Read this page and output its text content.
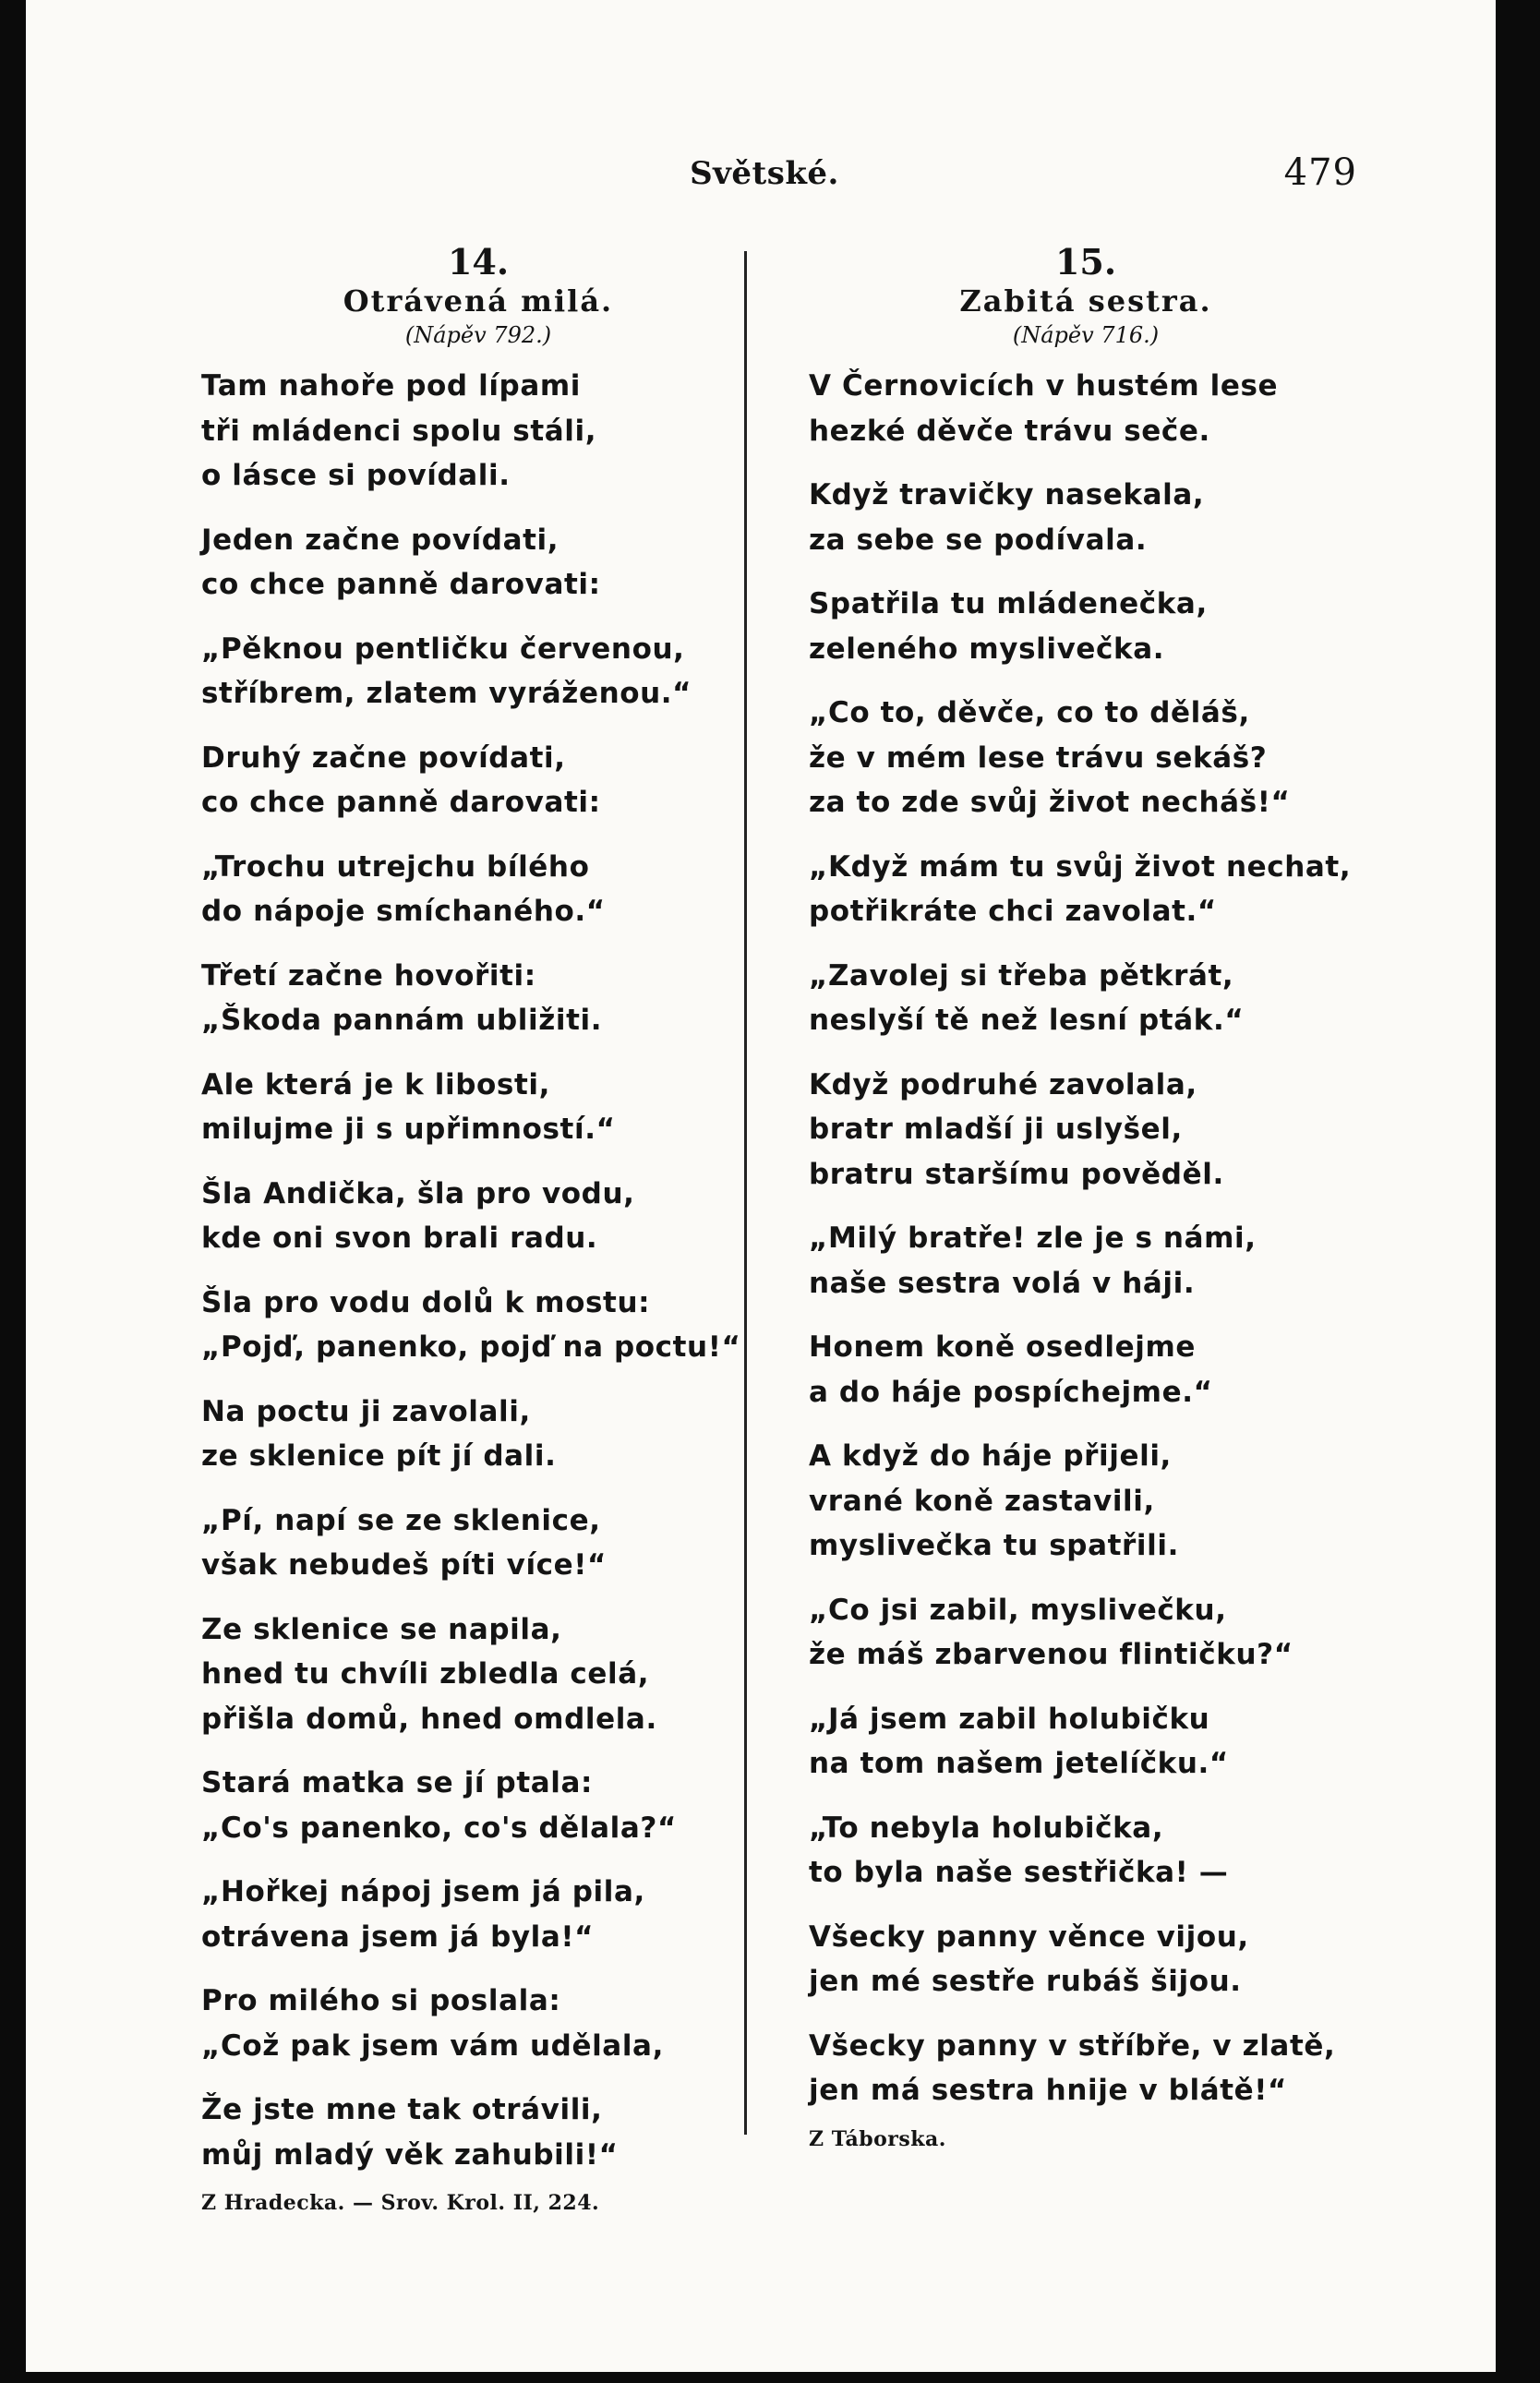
Světské.	479
14.
Otrávená milá.
(Nápěv 792.)
Tam nahoře pod lípami
tři mládenci spolu stáli,
o lásce si povídali.
Jeden začne povídati,
co chce panně darovati:
„Pěknou pentličku červenou,
stříbrem, zlatem vyráženou.“
Druhý začne povídati,
co chce panně darovati:
„Trochu utrejchu bílého
do nápoje smíchaného.“
Třetí začne hovořiti:
„Škoda pannám ubližiti.
Ale která je k libosti,
milujme ji s upřimností.“
Šla Andička, šla pro vodu,
kde oni svon brali radu.
Šla pro vodu dolů k mostu:
„Pojď, panenko, pojď na poctu!“
Na poctu ji zavolali,
ze sklenice pít jí dali.
„Pí, napí se ze sklenice,
však nebudeš píti více!“
Ze sklenice se napila,
hned tu chvíli zbledla celá,
přišla domů, hned omdlela.
Stará matka se jí ptala:
„Co's panenko, co's dělala?“
„Hořkej nápoj jsem já pila,
otrávena jsem já byla!“
Pro milého si poslala:
„Což pak jsem vám udělala,
Že jste mne tak otrávili,
můj mladý věk zahubili!“
Z Hradecka. — Srov. Krol. II, 224.
15.
Zabitá sestra.
(Nápěv 716.)
V Černovicích v hustém lese
hezké děvče trávu seče.
Když travičky nasekala,
za sebe se podívala.
Spatřila tu mládenečka,
zeleného myslivečka.
„Co to, děvče, co to děláš,
že v mém lese trávu sekáš?
za to zde svůj život necháš!“
„Když mám tu svůj život nechat,
potřikráte chci zavolat.“
„Zavolej si třeba pětkrát,
neslyší tě než lesní pták.“
Když podruhé zavolala,
bratr mladší ji uslyšel,
bratru staršímu pověděl.
„Milý bratře! zle je s námi,
naše sestra volá v háji.
Honem koně osedlejme
a do háje pospíchejme.“
A když do háje přijeli,
vrané koně zastavili,
myslivečka tu spatřili.
„Co jsi zabil, myslivečku,
že máš zbarvenou flintičku?“
„Já jsem zabil holubičku
na tom našem jetelíčku.“
„To nebyla holubička,
to byla naše sestřička! —
Všecky panny věnce vijou,
jen mé sestře rubáš šijou.
Všecky panny v stříbře, v zlatě,
jen má sestra hnije v blátě!“
Z Táborska.
